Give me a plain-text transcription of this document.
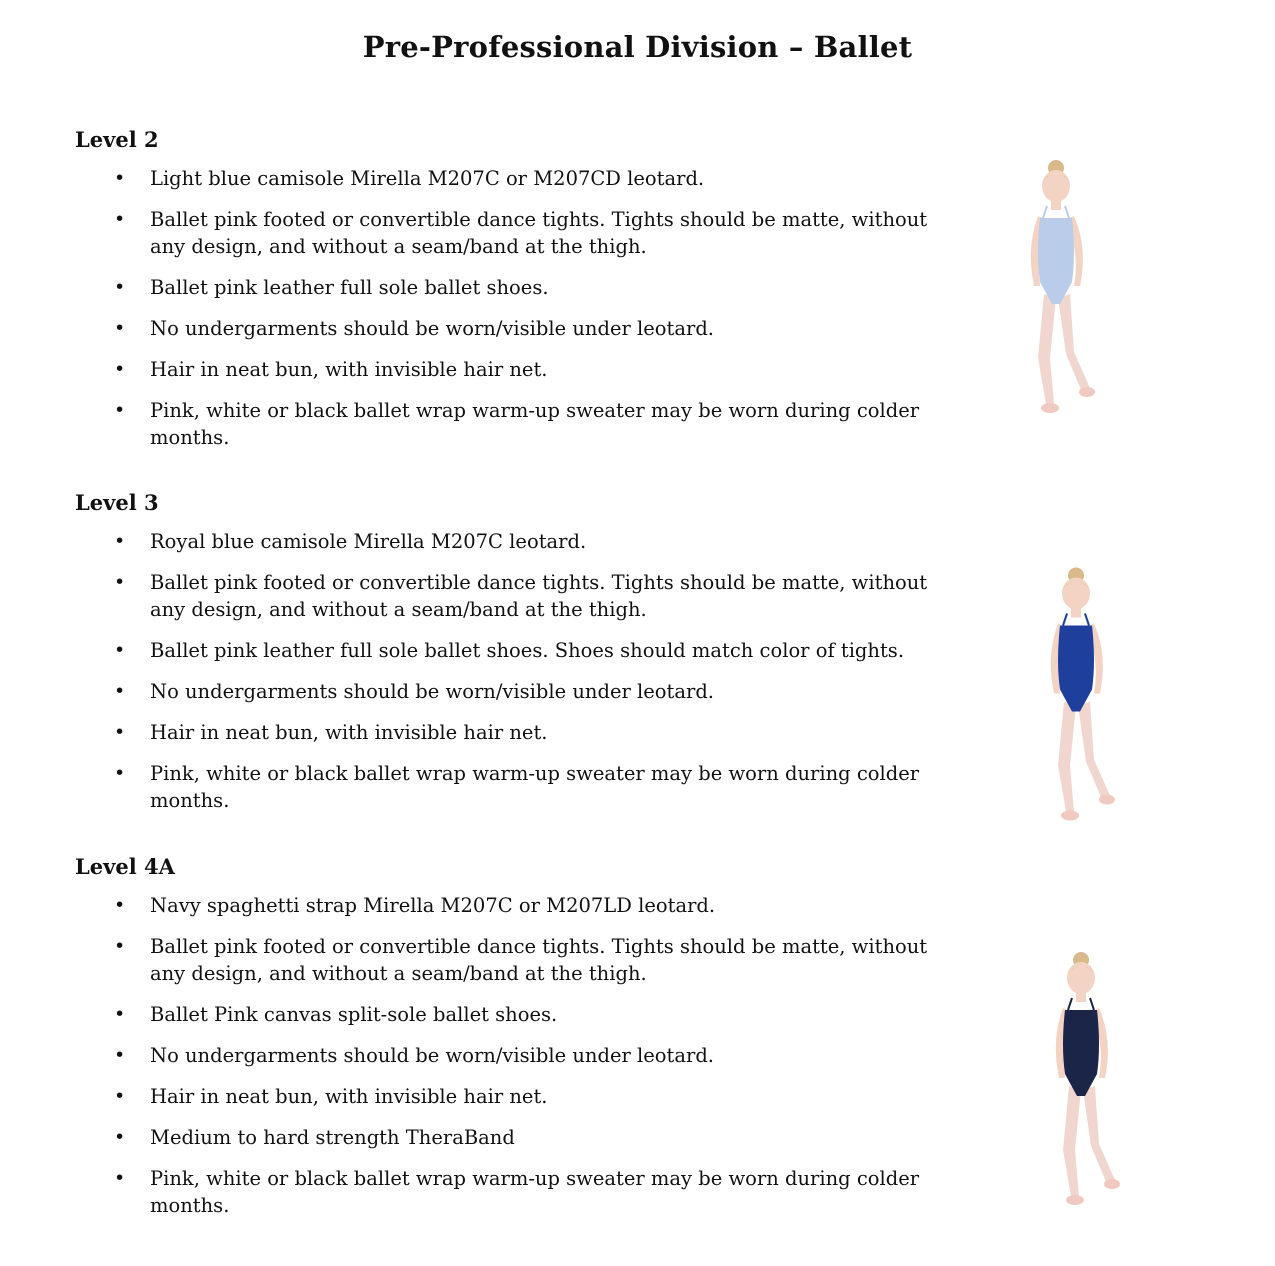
Pre-Professional Division – Ballet
Level 2
• Light blue camisole Mirella M207C or M207CD leotard.
• Ballet pink footed or convertible dance tights. Tights should be matte, without any design, and without a seam/band at the thigh.
• Ballet pink leather full sole ballet shoes.
• No undergarments should be worn/visible under leotard.
• Hair in neat bun, with invisible hair net.
• Pink, white or black ballet wrap warm-up sweater may be worn during colder months.
Level 3
• Royal blue camisole Mirella M207C leotard.
• Ballet pink footed or convertible dance tights. Tights should be matte, without any design, and without a seam/band at the thigh.
• Ballet pink leather full sole ballet shoes. Shoes should match color of tights.
• No undergarments should be worn/visible under leotard.
• Hair in neat bun, with invisible hair net.
• Pink, white or black ballet wrap warm-up sweater may be worn during colder months.
Level 4A
• Navy spaghetti strap Mirella M207C or M207LD leotard.
• Ballet pink footed or convertible dance tights. Tights should be matte, without any design, and without a seam/band at the thigh.
• Ballet Pink canvas split-sole ballet shoes.
• No undergarments should be worn/visible under leotard.
• Hair in neat bun, with invisible hair net.
• Medium to hard strength TheraBand
• Pink, white or black ballet wrap warm-up sweater may be worn during colder months.
